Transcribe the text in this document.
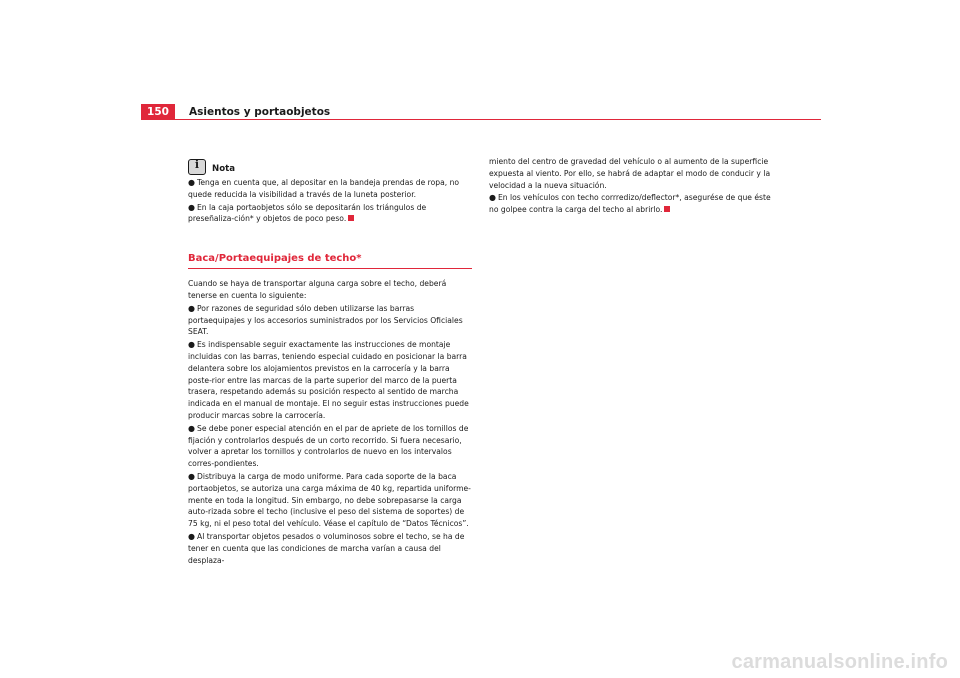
150	Asientos y portaobjetos
i
Nota

● Tenga en cuenta que, al depositar en la bandeja prendas de ropa, no quede reducida la visibilidad a través de la luneta posterior.

● En la caja portaobjetos sólo se depositarán los triángulos de preseñaliza-ción* y objetos de poco peso.

Baca/Portaequipajes de techo*

Cuando se haya de transportar alguna carga sobre el techo, deberá tenerse en cuenta lo siguiente:

● Por razones de seguridad sólo deben utilizarse las barras portaequipajes y los accesorios suministrados por los Servicios Oficiales SEAT.

● Es indispensable seguir exactamente las instrucciones de montaje incluidas con las barras, teniendo especial cuidado en posicionar la barra delantera sobre los alojamientos previstos en la carrocería y la barra poste-rior entre las marcas de la parte superior del marco de la puerta trasera, respetando además su posición respecto al sentido de marcha indicada en el manual de montaje. El no seguir estas instrucciones puede producir marcas sobre la carrocería.

● Se debe poner especial atención en el par de apriete de los tornillos de fijación y controlarlos después de un corto recorrido. Si fuera necesario, volver a apretar los tornillos y controlarlos de nuevo en los intervalos corres-pondientes.

● Distribuya la carga de modo uniforme. Para cada soporte de la baca portaobjetos, se autoriza una carga máxima de 40 kg, repartida uniforme-mente en toda la longitud. Sin embargo, no debe sobrepasarse la carga auto-rizada sobre el techo (inclusive el peso del sistema de soportes) de 75 kg, ni el peso total del vehículo. Véase el capítulo de “Datos Técnicos”.

● Al transportar objetos pesados o voluminosos sobre el techo, se ha de tener en cuenta que las condiciones de marcha varían a causa del desplaza-

miento del centro de gravedad del vehículo o al aumento de la superficie expuesta al viento. Por ello, se habrá de adaptar el modo de conducir y la velocidad a la nueva situación.

● En los vehículos con techo corrredizo/deflector*, asegurése de que éste no golpee contra la carga del techo al abrirlo.

carmanualsonline.info
